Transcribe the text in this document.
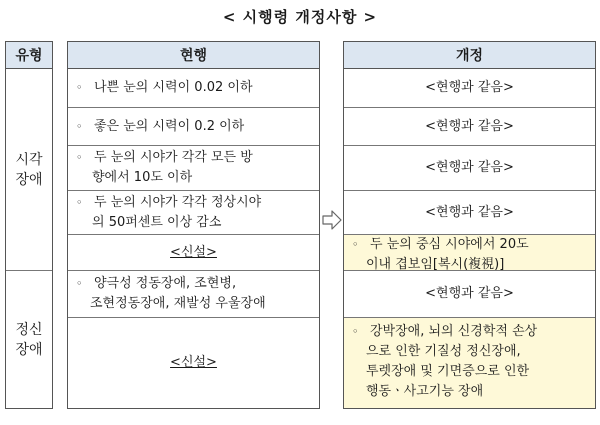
< 시행령 개정사항 >
유형
시각
장애
정신
장애
현행
◦ 나쁜 눈의 시력이 0.02 이하
◦ 좋은 눈의 시력이 0.2 이하
◦ 두 눈의 시야가 각각 모든 방
향에서 10도 이하
◦ 두 눈의 시야가 각각 정상시야
의 50퍼센트 이상 감소
<신설>
◦ 양극성 정동장애, 조현병,
조현정동장애, 재발성 우울장애
<신설>
개정
<현행과 같음>
<현행과 같음>
<현행과 같음>
<현행과 같음>
◦ 두 눈의 중심 시야에서 20도
이내 겹보임[복시(複視)]
<현행과 같음>
◦ 강박장애, 뇌의 신경학적 손상
으로 인한 기질성 정신장애,
투렛장애 및 기면증으로 인한
행동ㆍ사고기능 장애
